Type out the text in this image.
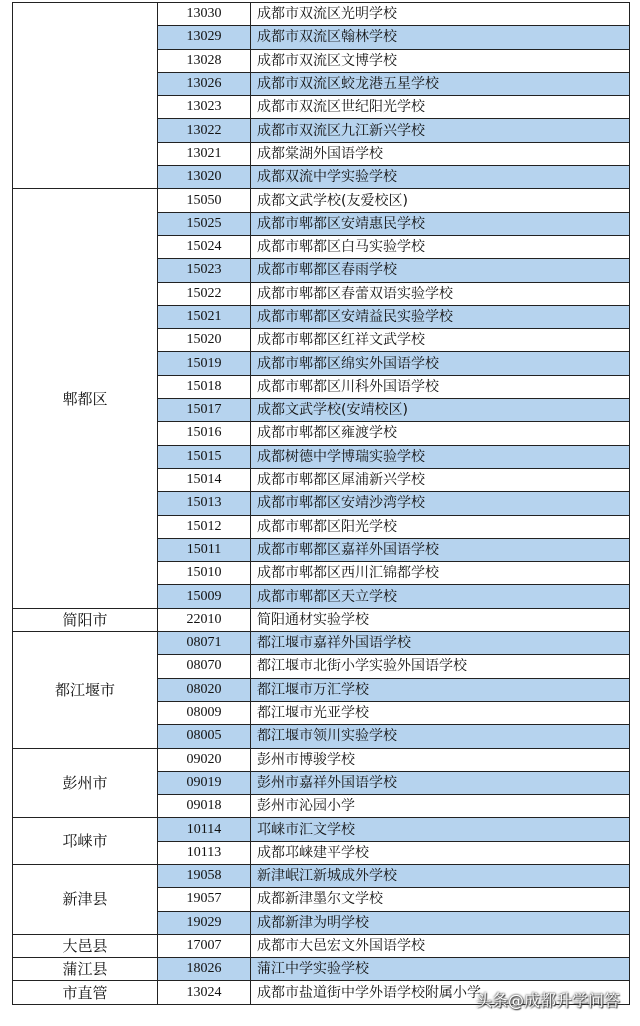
	13030	成都市双流区光明学校
	13029	成都市双流区翰林学校
	13028	成都市双流区文博学校
	13026	成都市双流区蛟龙港五星学校
	13023	成都市双流区世纪阳光学校
	13022	成都市双流区九江新兴学校
	13021	成都棠湖外国语学校
	13020	成都双流中学实验学校
郫都区	15050	成都文武学校(友爱校区)
	15025	成都市郫都区安靖惠民学校
	15024	成都市郫都区白马实验学校
	15023	成都市郫都区春雨学校
	15022	成都市郫都区春蕾双语实验学校
	15021	成都市郫都区安靖益民实验学校
	15020	成都市郫都区红祥文武学校
	15019	成都市郫都区绵实外国语学校
	15018	成都市郫都区川科外国语学校
	15017	成都文武学校(安靖校区)
	15016	成都市郫都区雍渡学校
	15015	成都树德中学博瑞实验学校
	15014	成都市郫都区犀浦新兴学校
	15013	成都市郫都区安靖沙湾学校
	15012	成都市郫都区阳光学校
	15011	成都市郫都区嘉祥外国语学校
	15010	成都市郫都区西川汇锦都学校
	15009	成都市郫都区天立学校
简阳市	22010	简阳通材实验学校
都江堰市	08071	都江堰市嘉祥外国语学校
	08070	都江堰市北街小学实验外国语学校
	08020	都江堰市万汇学校
	08009	都江堰市光亚学校
	08005	都江堰市领川实验学校
彭州市	09020	彭州市博骏学校
	09019	彭州市嘉祥外国语学校
	09018	彭州市沁园小学
邛崃市	10114	邛崃市汇文学校
	10113	成都邛崃建平学校
新津县	19058	新津岷江新城成外学校
	19057	成都新津墨尔文学校
	19029	成都新津为明学校
大邑县	17007	成都市大邑宏文外国语学校
蒲江县	18026	蒲江中学实验学校
市直管	13024	成都市盐道街中学外语学校附属小学
头条@成都升学问答
